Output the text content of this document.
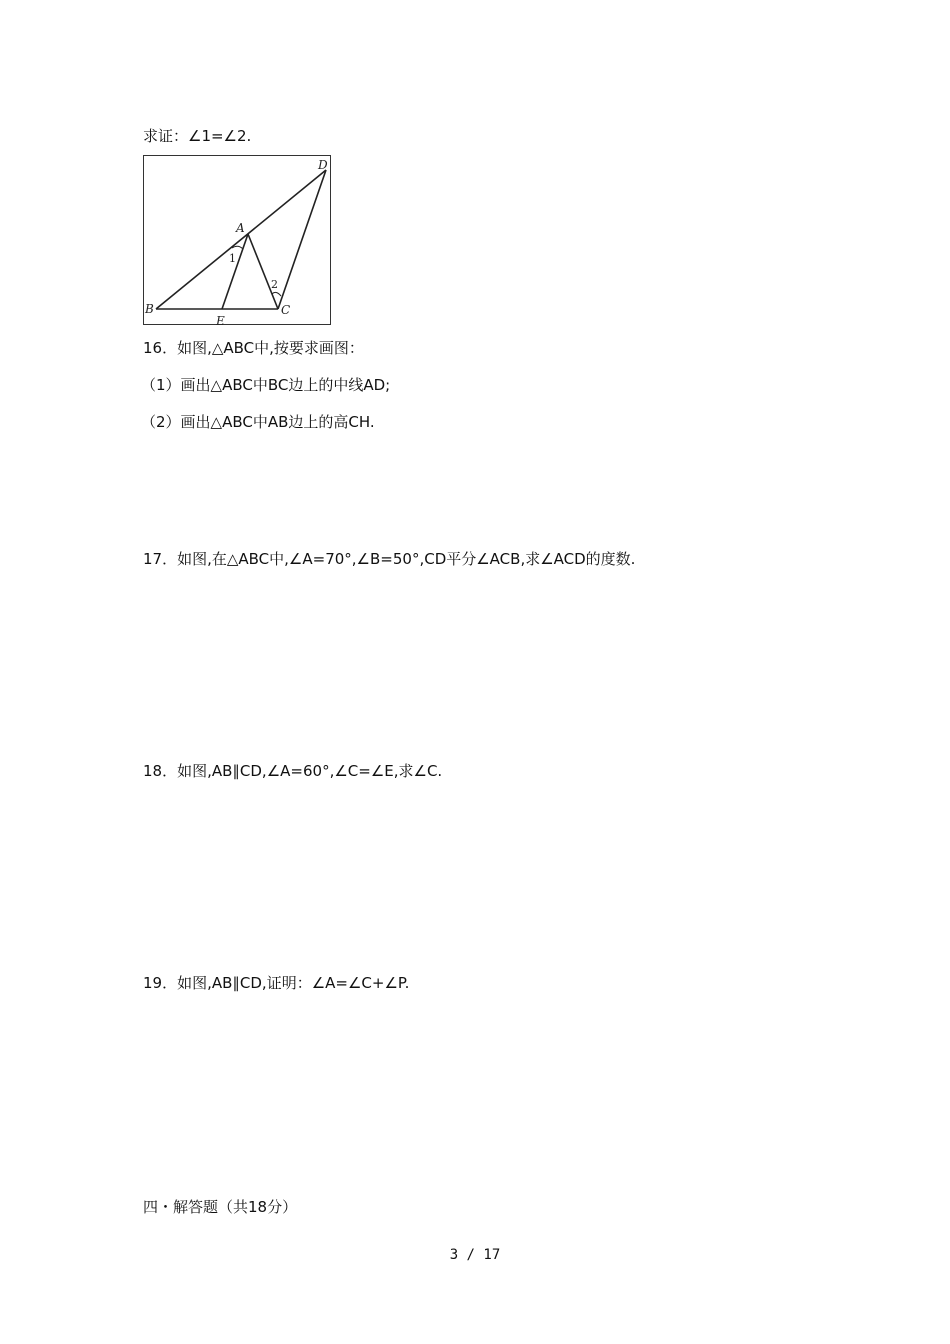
求证：∠1=∠2.
A
B	C
D
E
1
2
16．如图,△ABC中,按要求画图：
（1）画出△ABC中BC边上的中线AD;
（2）画出△ABC中AB边上的高CH.
17．如图,在△ABC中,∠A=70°,∠B=50°,CD平分∠ACB,求∠ACD的度数.
18．如图,AB∥CD,∠A=60°,∠C=∠E,求∠C.
19．如图,AB∥CD,证明：∠A=∠C+∠P.
四・解答题（共18分）
3 / 17
